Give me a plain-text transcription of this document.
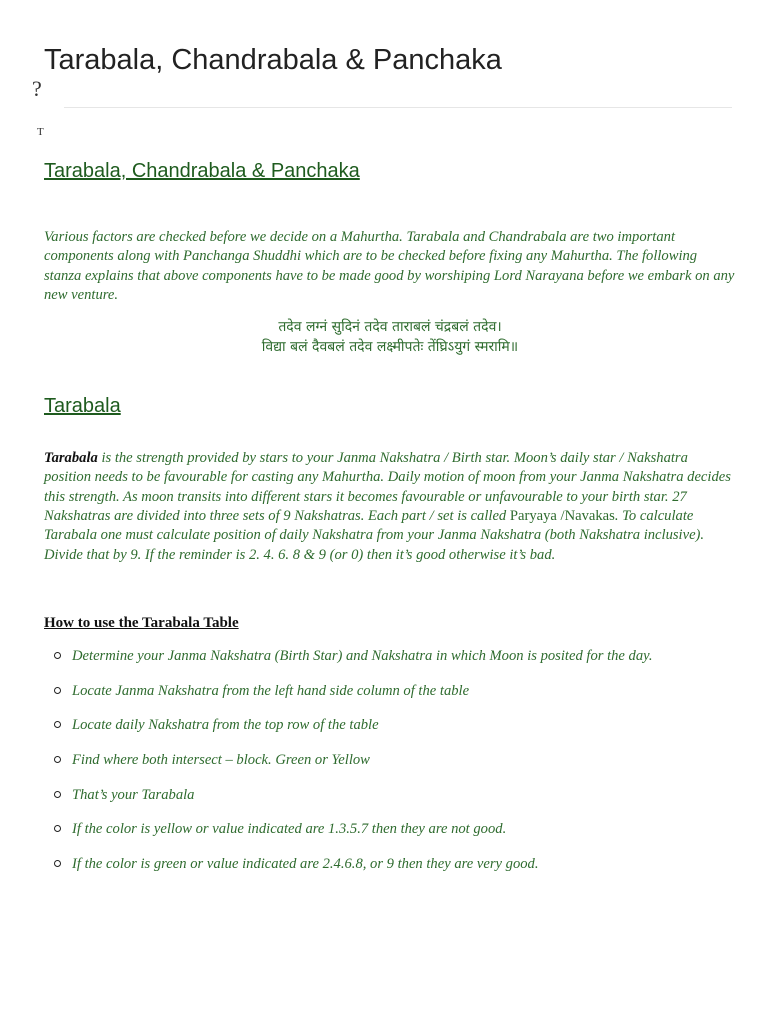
Tarabala, Chandrabala & Panchaka
?
T
Tarabala, Chandrabala & Panchaka

Various factors are checked before we decide on a Mahurtha. Tarabala and Chandrabala are two important components along with Panchanga Shuddhi which are to be checked before fixing any Mahurtha. The following stanza explains that above components have to be made good by worshiping Lord Narayana before we embark on any new venture.

तदेव लग्नं सुदिनं तदेव ताराबलं चंद्रबलं तदेव।
विद्या बलं दैवबलं तदेव लक्ष्मीपतेः तेंघ्रिऽयुगं स्मरामि॥

Tarabala

Tarabala is the strength provided by stars to your Janma Nakshatra / Birth star. Moon’s daily star / Nakshatra position needs to be favourable for casting any Mahurtha. Daily motion of moon from your Janma Nakshatra decides this strength. As moon transits into different stars it becomes favourable or unfavourable to your birth star. 27 Nakshatras are divided into three sets of 9 Nakshatras. Each part / set is called Paryaya /Navakas. To calculate Tarabala one must calculate position of daily Nakshatra from your Janma Nakshatra (both Nakshatra inclusive). Divide that by 9. If the reminder is 2. 4. 6. 8 & 9 (or 0) then it’s good otherwise it’s bad.

How to use the Tarabala Table

Determine your Janma Nakshatra (Birth Star) and Nakshatra in which Moon is posited for the day.
Locate Janma Nakshatra from the left hand side column of the table
Locate daily Nakshatra from the top row of the table
Find where both intersect – block. Green or Yellow
That’s your Tarabala
If the color is yellow or value indicated are 1.3.5.7 then they are not good.
If the color is green or value indicated are 2.4.6.8, or 9 then they are very good.
